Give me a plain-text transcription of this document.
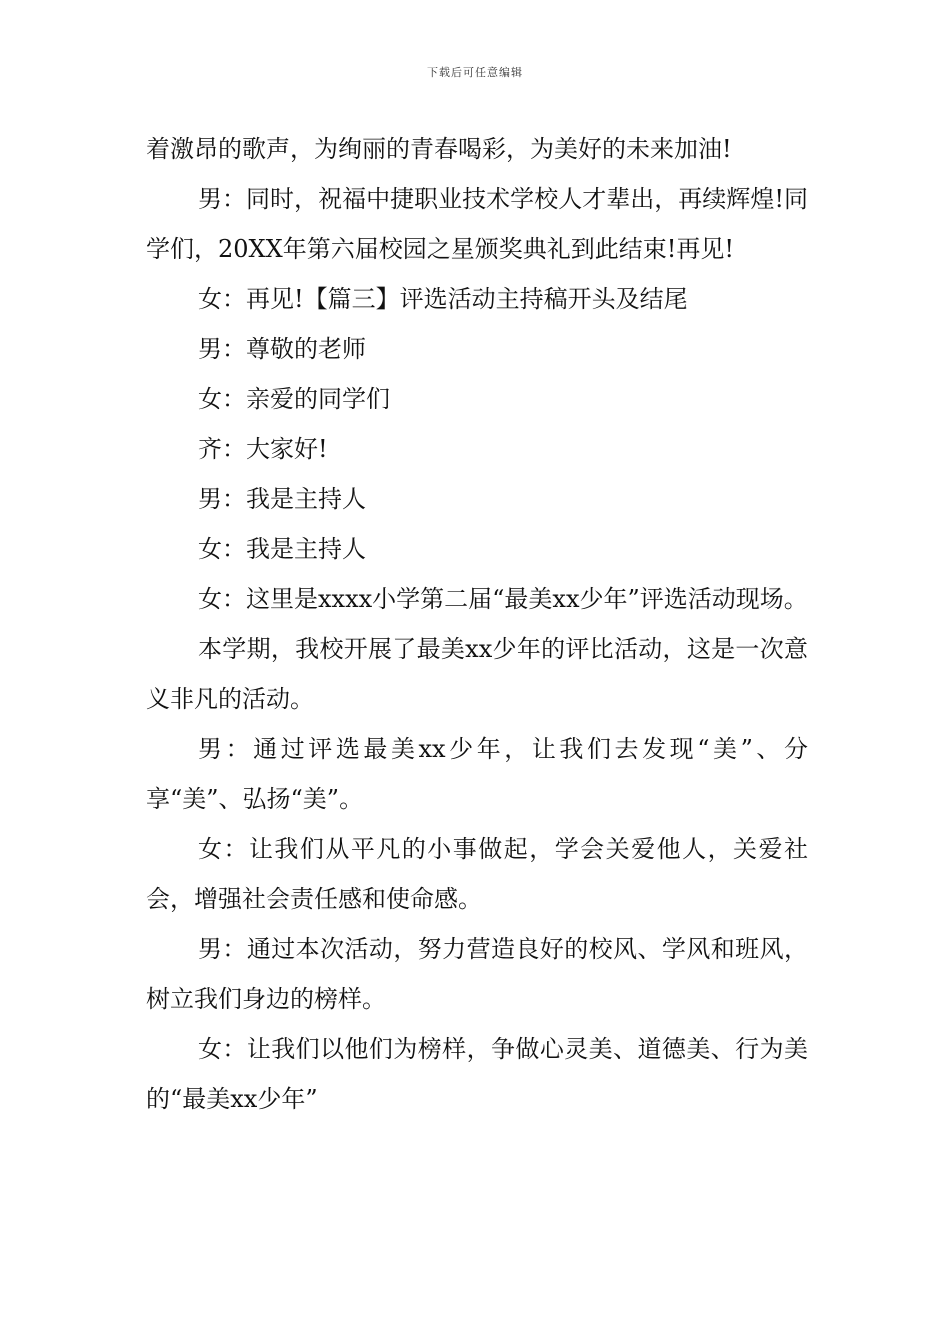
下载后可任意编辑

着激昂的歌声，为绚丽的青春喝彩，为美好的未来加油!

男：同时，祝福中捷职业技术学校人才辈出，再续辉煌!同学们，20XX年第六届校园之星颁奖典礼到此结束!再见!

女：再见!【篇三】评选活动主持稿开头及结尾

男：尊敬的老师

女：亲爱的同学们

齐：大家好!

男：我是主持人

女：我是主持人

女：这里是xxxx小学第二届“最美xx少年”评选活动现场。

本学期，我校开展了最美xx少年的评比活动，这是一次意义非凡的活动。

男：通过评选最美xx少年，让我们去发现“美”、分享“美”、弘扬“美”。

女：让我们从平凡的小事做起，学会关爱他人，关爱社会，增强社会责任感和使命感。

男：通过本次活动，努力营造良好的校风、学风和班风，树立我们身边的榜样。

女：让我们以他们为榜样，争做心灵美、道德美、行为美的“最美xx少年”
